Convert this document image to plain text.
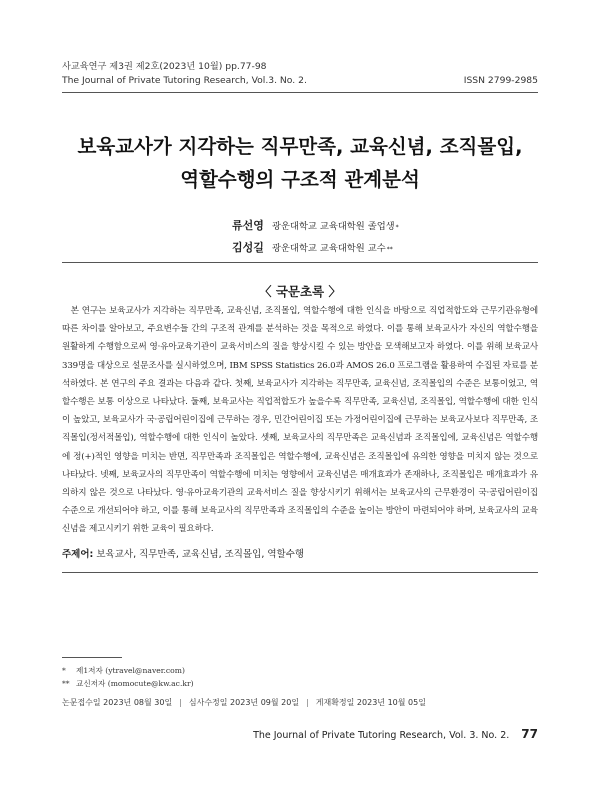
사교육연구 제3권 제2호(2023년 10월) pp.77-98
The Journal of Private Tutoring Research, Vol.3. No. 2.	ISSN 2799-2985
보육교사가 지각하는 직무만족, 교육신념, 조직몰입,
역할수행의 구조적 관계분석
류선영 광운대학교 교육대학원 졸업생 *
김성길 광운대학교 교육대학원 교수 **
〈 국문초록 〉
본 연구는 보육교사가 지각하는 직무만족, 교육신념, 조직몰입, 역할수행에 대한 인식을 바탕으로 직업적합도와 근무기관유형에 따른 차이를 알아보고, 주요변수들 간의 구조적 관계를 분석하는 것을 목적으로 하였다. 이를 통해 보육교사가 자신의 역할수행을 원활하게 수행함으로써 영·유아교육기관이 교육서비스의 질을 향상시킬 수 있는 방안을 모색해보고자 하였다. 이를 위해 보육교사 339명을 대상으로 설문조사를 실시하였으며, IBM SPSS Statistics 26.0과 AMOS 26.0 프로그램을 활용하여 수집된 자료를 분석하였다. 본 연구의 주요 결과는 다음과 같다. 첫째, 보육교사가 지각하는 직무만족, 교육신념, 조직몰입의 수준은 보통이었고, 역할수행은 보통 이상으로 나타났다. 둘째, 보육교사는 직업적합도가 높을수록 직무만족, 교육신념, 조직몰입, 역할수행에 대한 인식이 높았고, 보육교사가 국·공립어린이집에 근무하는 경우, 민간어린이집 또는 가정어린이집에 근무하는 보육교사보다 직무만족, 조직몰입(정서적몰입), 역할수행에 대한 인식이 높았다. 셋째, 보육교사의 직무만족은 교육신념과 조직몰입에, 교육신념은 역할수행에 정(+)적인 영향을 미치는 반면, 직무만족과 조직몰입은 역할수행에, 교육신념은 조직몰입에 유의한 영향을 미치지 않는 것으로 나타났다. 넷째, 보육교사의 직무만족이 역할수행에 미치는 영향에서 교육신념은 매개효과가 존재하나, 조직몰입은 매개효과가 유의하지 않은 것으로 나타났다. 영·유아교육기관의 교육서비스 질을 향상시키기 위해서는 보육교사의 근무환경이 국·공립어린이집 수준으로 개선되어야 하고, 이를 통해 보육교사의 직무만족과 조직몰입의 수준을 높이는 방안이 마련되어야 하며, 보육교사의 교육신념을 제고시키기 위한 교육이 필요하다.
주제어: 보육교사, 직무만족, 교육신념, 조직몰입, 역할수행
* 제1저자 (ytravel@naver.com)
** 교신저자 (momocute@kw.ac.kr)
논문접수일 2023년 08월 30일 | 심사수정일 2023년 09월 20일 | 게재확정일 2023년 10월 05일
The Journal of Private Tutoring Research, Vol. 3. No. 2. 77
